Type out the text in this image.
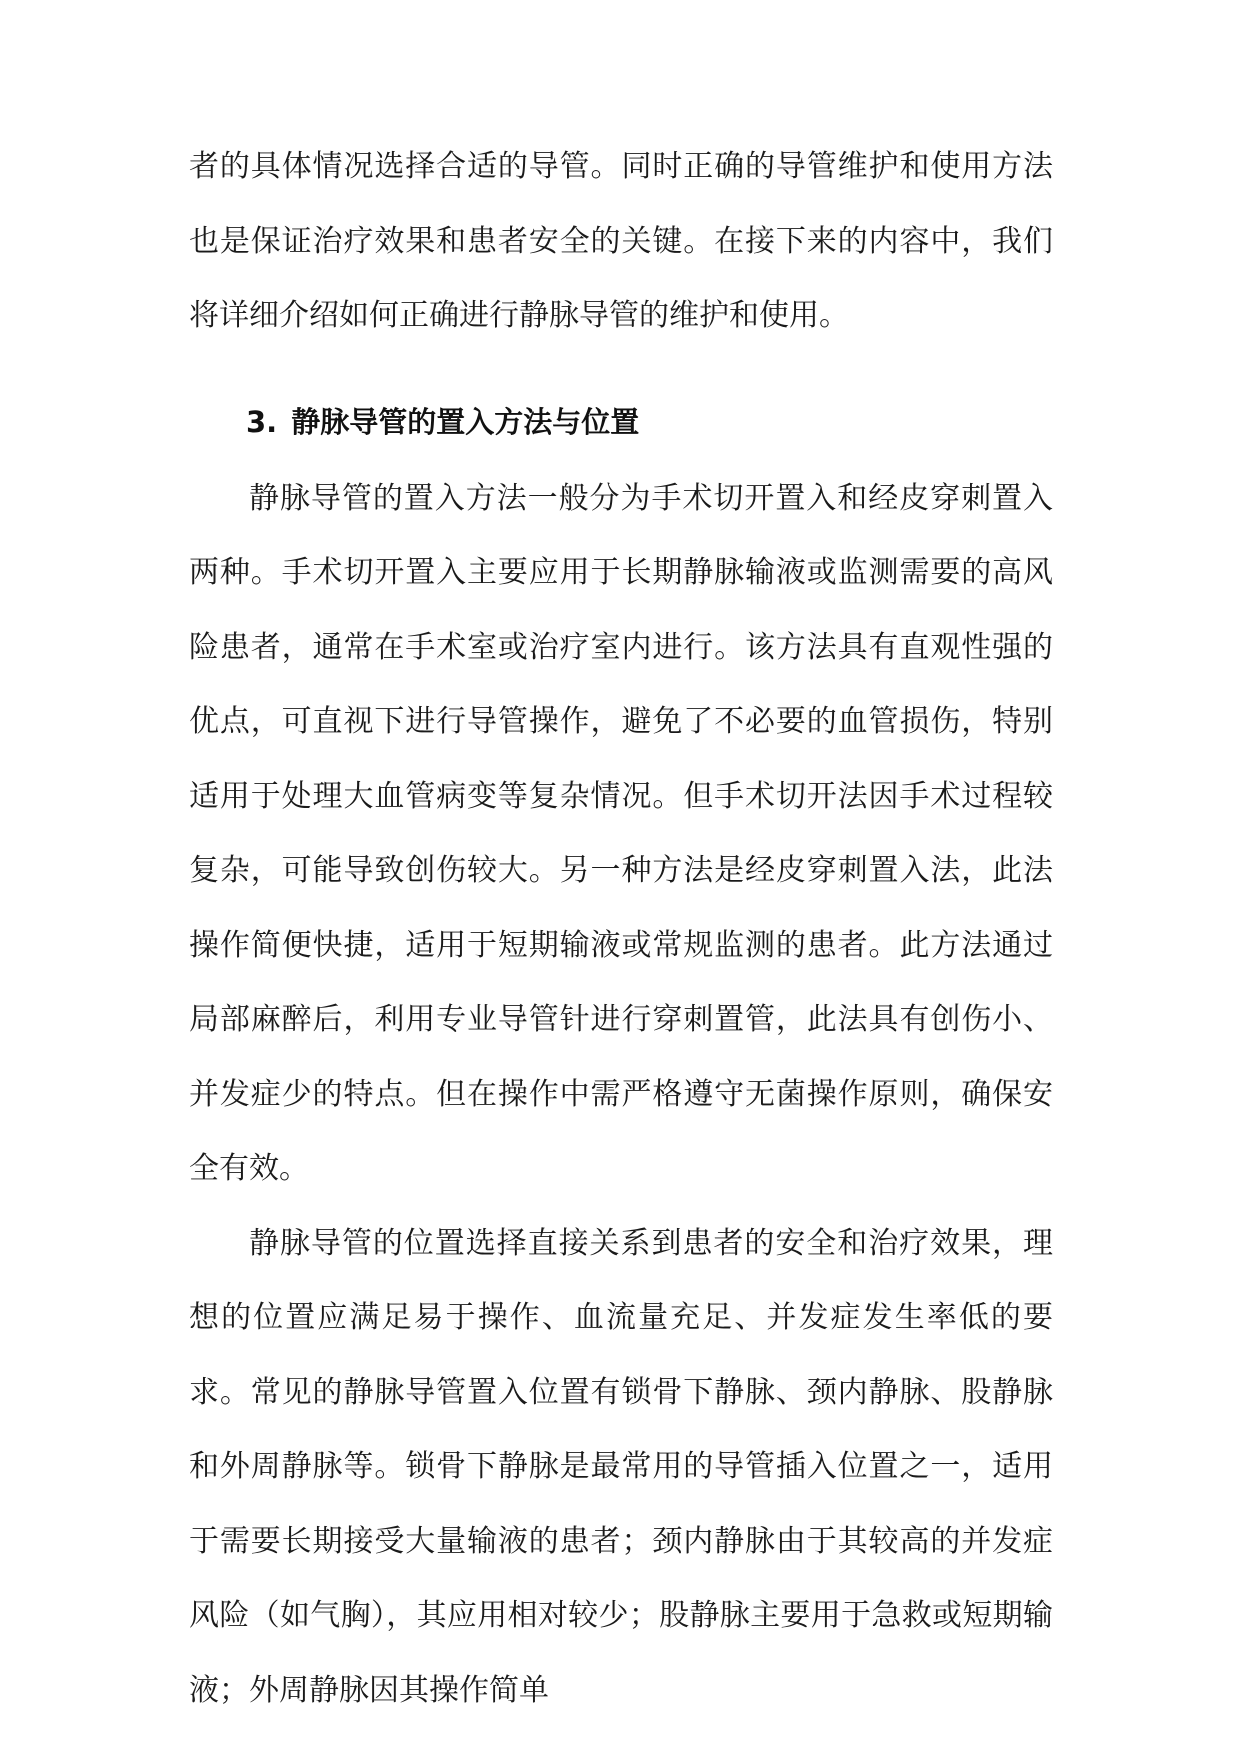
者的具体情况选择合适的导管。同时正确的导管维护和使用方法也是保证治疗效果和患者安全的关键。在接下来的内容中，我们将详细介绍如何正确进行静脉导管的维护和使用。

3. 静脉导管的置入方法与位置

静脉导管的置入方法一般分为手术切开置入和经皮穿刺置入两种。手术切开置入主要应用于长期静脉输液或监测需要的高风险患者，通常在手术室或治疗室内进行。该方法具有直观性强的优点，可直视下进行导管操作，避免了不必要的血管损伤，特别适用于处理大血管病变等复杂情况。但手术切开法因手术过程较复杂，可能导致创伤较大。另一种方法是经皮穿刺置入法，此法操作简便快捷，适用于短期输液或常规监测的患者。此方法通过局部麻醉后，利用专业导管针进行穿刺置管，此法具有创伤小、并发症少的特点。但在操作中需严格遵守无菌操作原则，确保安全有效。

静脉导管的位置选择直接关系到患者的安全和治疗效果，理想的位置应满足易于操作、血流量充足、并发症发生率低的要求。常见的静脉导管置入位置有锁骨下静脉、颈内静脉、股静脉和外周静脉等。锁骨下静脉是最常用的导管插入位置之一，适用于需要长期接受大量输液的患者；颈内静脉由于其较高的并发症风险（如气胸），其应用相对较少；股静脉主要用于急救或短期输液；外周静脉因其操作简单
